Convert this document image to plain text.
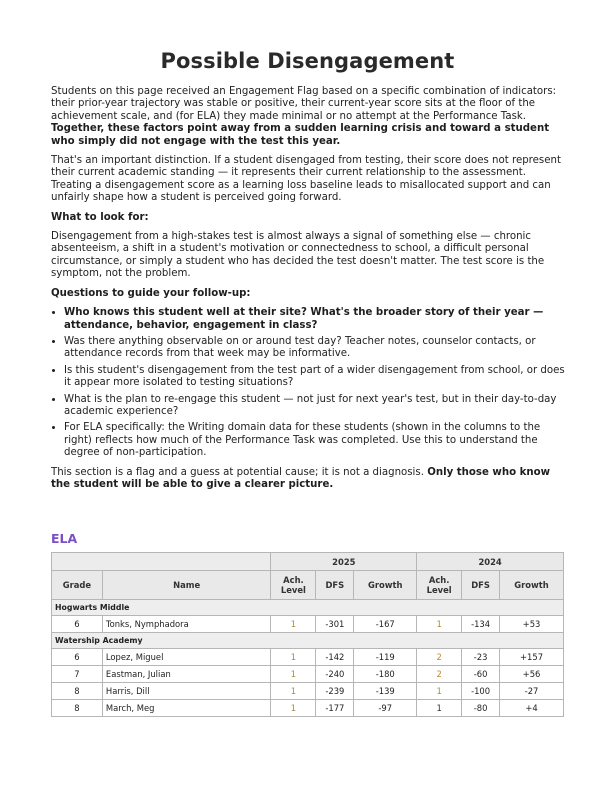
Possible Disengagement

Students on this page received an Engagement Flag based on a specific combination of indicators: their prior-year trajectory was stable or positive, their current-year score sits at the floor of the achievement scale, and (for ELA) they made minimal or no attempt at the Performance Task. Together, these factors point away from a sudden learning crisis and toward a student who simply did not engage with the test this year.

That's an important distinction. If a student disengaged from testing, their score does not represent their current academic standing — it represents their current relationship to the assessment. Treating a disengagement score as a learning loss baseline leads to misallocated support and can unfairly shape how a student is perceived going forward.

What to look for:

Disengagement from a high-stakes test is almost always a signal of something else — chronic absenteeism, a shift in a student's motivation or connectedness to school, a difficult personal circumstance, or simply a student who has decided the test doesn't matter. The test score is the symptom, not the problem.

Questions to guide your follow-up:

• Who knows this student well at their site? What's the broader story of their year — attendance, behavior, engagement in class?
• Was there anything observable on or around test day? Teacher notes, counselor contacts, or attendance records from that week may be informative.
• Is this student's disengagement from the test part of a wider disengagement from school, or does it appear more isolated to testing situations?
• What is the plan to re-engage this student — not just for next year's test, but in their day-to-day academic experience?
• For ELA specifically: the Writing domain data for these students (shown in the columns to the right) reflects how much of the Performance Task was completed. Use this to understand the degree of non-participation.

This section is a flag and a guess at potential cause; it is not a diagnosis. Only those who know the student will be able to give a clearer picture.

ELA
		2025			2024		
Grade	Name	Ach. Level	DFS	Growth	Ach. Level	DFS	Growth
Hogwarts Middle							
6	Tonks, Nymphadora	1	-301	-167	1	-134	+53
Watership Academy							
6	Lopez, Miguel	1	-142	-119	2	-23	+157
7	Eastman, Julian	1	-240	-180	2	-60	+56
8	Harris, Dill	1	-239	-139	1	-100	-27
8	March, Meg	1	-177	-97	1	-80	+4
